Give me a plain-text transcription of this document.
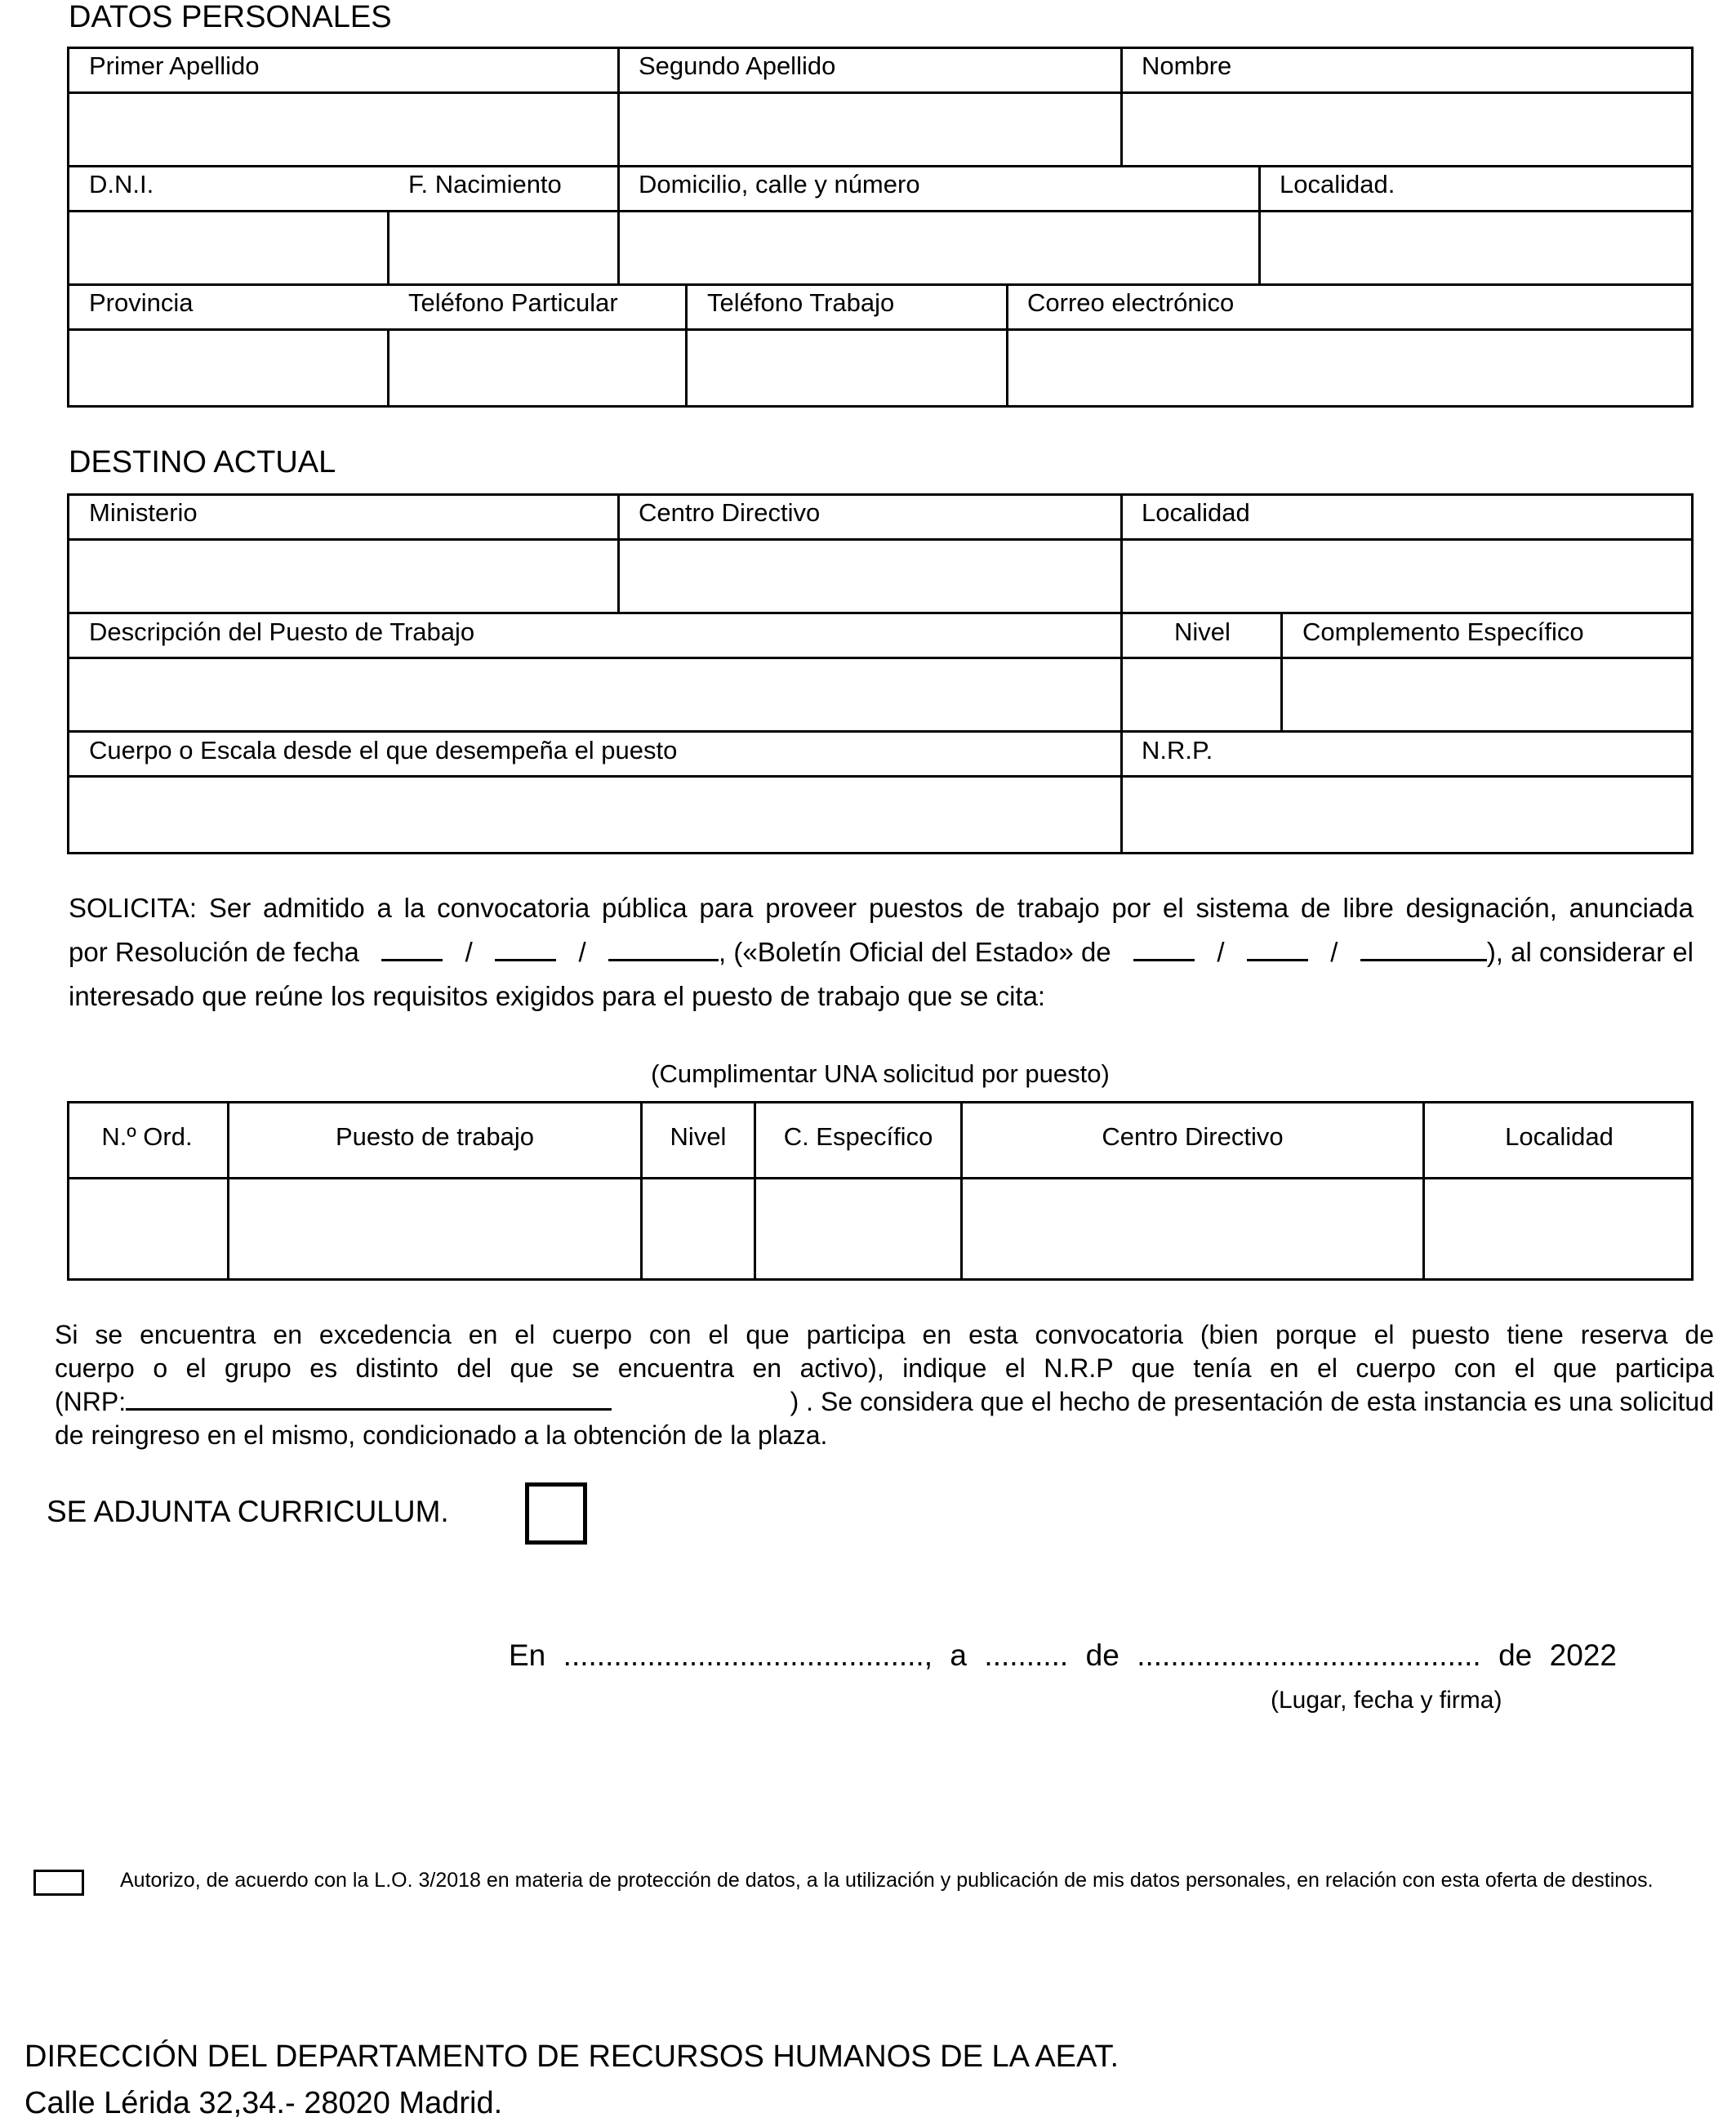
DATOS PERSONALES
Primer Apellido	Segundo Apellido	Nombre
D.N.I.	F. Nacimiento	Domicilio, calle y número	Localidad.
Provincia	Teléfono Particular	Teléfono Trabajo	Correo electrónico
DESTINO ACTUAL
Ministerio	Centro Directivo	Localidad
Descripción del Puesto de Trabajo	Nivel	Complemento Específico
Cuerpo o Escala desde el que desempeña el puesto	N.R.P.
SOLICITA: Ser admitido a la convocatoria pública para proveer puestos de trabajo por el sistema de libre designación, anunciada
por Resolución de fecha	/	/	, («Boletín Oficial del Estado» de	/	/	), al considerar el
interesado que reúne los requisitos exigidos para el puesto de trabajo que se cita:
(Cumplimentar UNA solicitud por puesto)
N.º Ord.	Puesto de trabajo	Nivel	C. Específico	Centro Directivo	Localidad
Si se encuentra en excedencia en el cuerpo con el que participa en esta convocatoria (bien porque el puesto tiene reserva de
cuerpo o el grupo es distinto del que se encuentra en activo), indique el N.R.P que tenía en el cuerpo con el que participa
(NRP:	) . Se considera que el hecho de presentación de esta instancia es una solicitud
de reingreso en el mismo, condicionado a la obtención de la plaza.
SE ADJUNTA CURRICULUM.
En ..........................................., a .......... de ......................................... de 2022
(Lugar, fecha y firma)
Autorizo, de acuerdo con la L.O. 3/2018 en materia de protección de datos, a la utilización y publicación de mis datos personales, en relación con esta oferta de destinos.
DIRECCIÓN DEL DEPARTAMENTO DE RECURSOS HUMANOS DE LA AEAT.
Calle Lérida 32,34.- 28020 Madrid.
